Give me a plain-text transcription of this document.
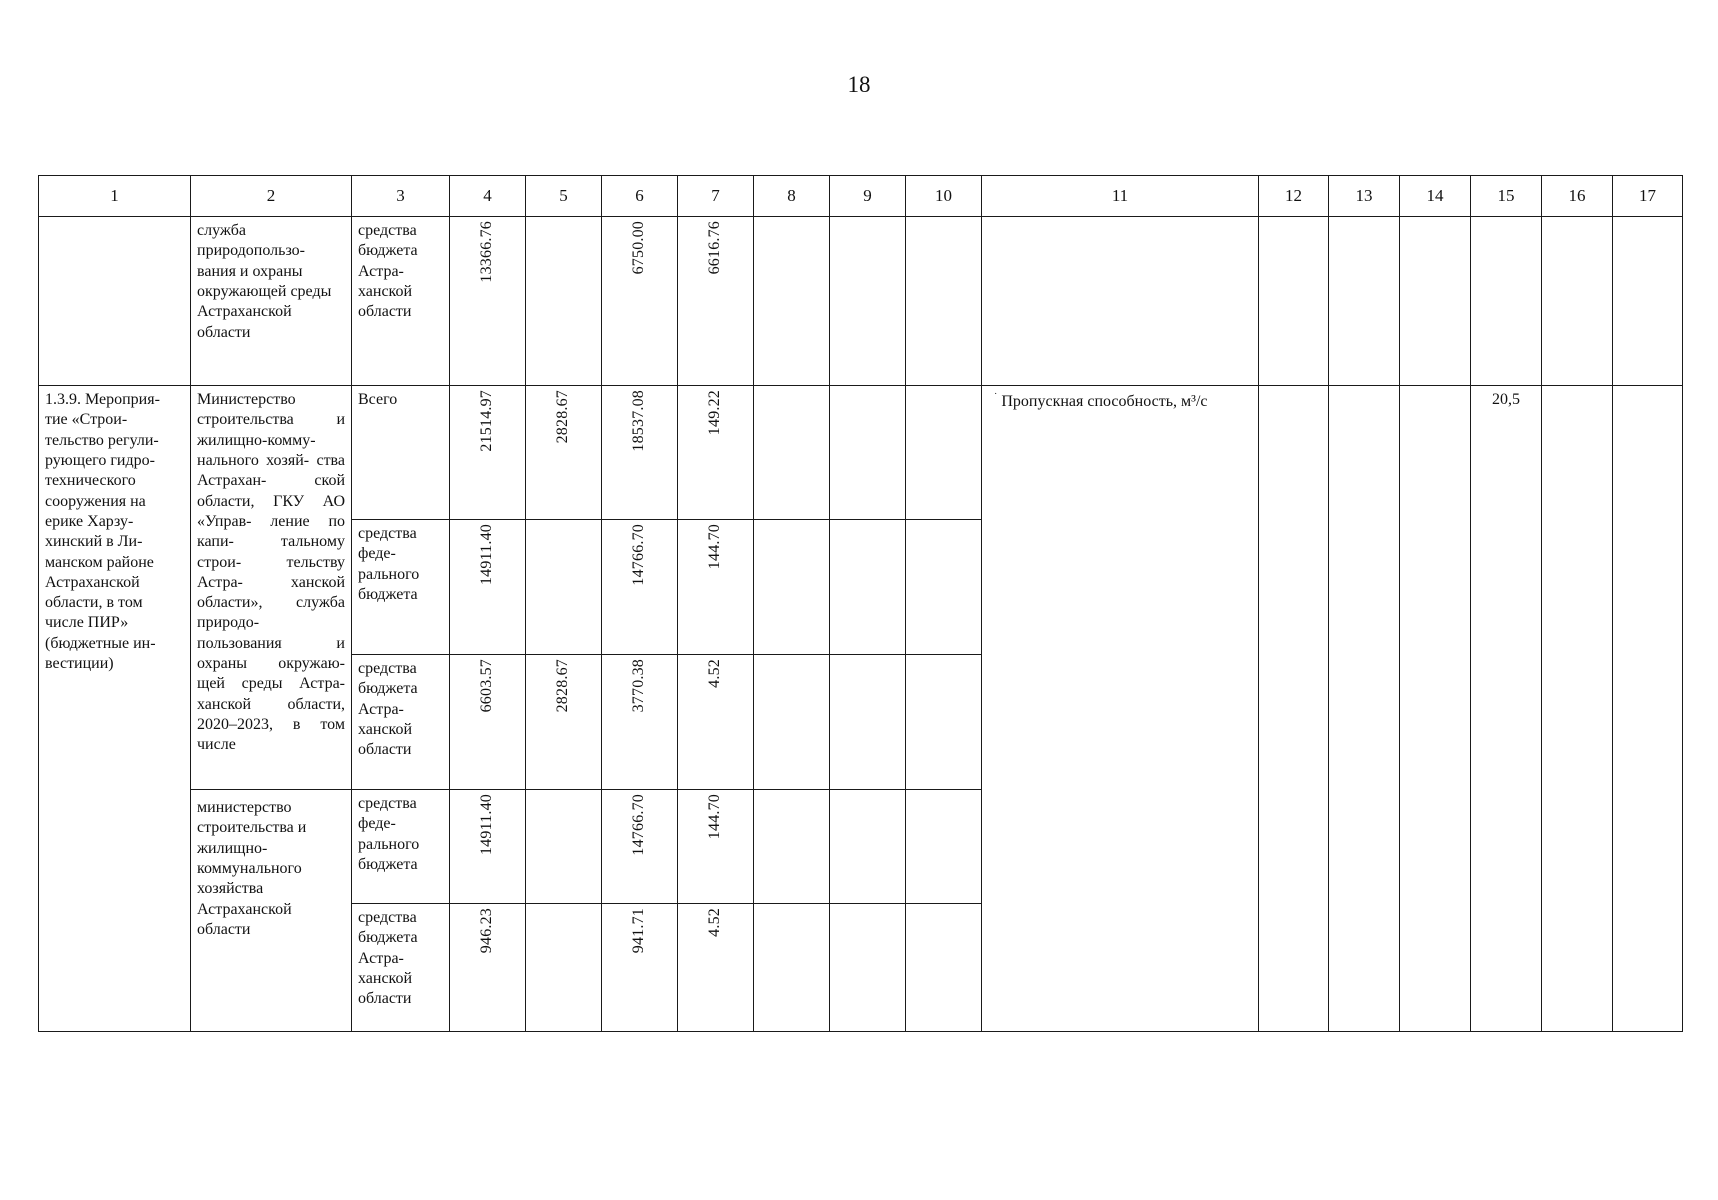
18
1	2	3	4	5	6	7	8	9	10	11	12	13	14	15	16	17
	служба природопользо- вания и охраны окружающей среды Астраханской области	средства бюджета Астра- ханской области	13366.76		6750.00	6616.76										
1.3.9. Мероприя- тие «Строи- тельство регули- рующего гидро- технического сооружения на ерике Харзу- хинский в Ли- манском районе Астраханской области, в том числе ПИР» (бюджетные ин- вестиции)	Министерство строительства и жилищно-комму- нального хозяй- ства Астрахан- ской области, ГКУ АО «Управ- ление по капи- тальному строи- тельству Астра- ханской области», служба природо- пользования и охраны окружаю- щей среды Астра- ханской области, 2020–2023, в том числе	Всего	21514.97	2828.67	18537.08	149.22				˙ Пропускная способность, м³/с				20,5		
		средства феде- рального бюджета	14911.40		14766.70	144.70										
		средства бюджета Астра- ханской области	6603.57	2828.67	3770.38	4.52										
	министерство строительства и жилищно- коммунального хозяйства Астраханской области	средства феде- рального бюджета	14911.40		14766.70	144.70										
		средства бюджета Астра- ханской области	946.23		941.71	4.52										
